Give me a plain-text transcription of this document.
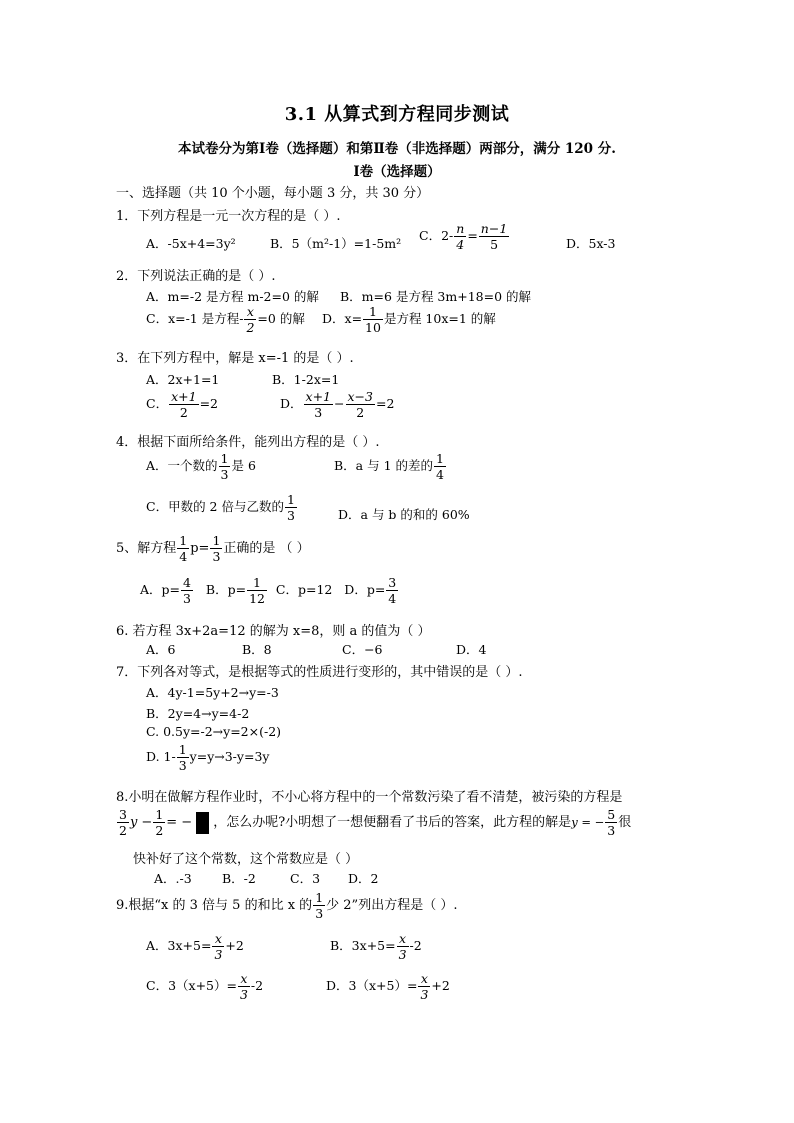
3.1 从算式到方程同步测试
本试卷分为第Ⅰ卷（选择题）和第Ⅱ卷（非选择题）两部分，满分 120 分.
Ⅰ卷（选择题）
一、选择题（共 10 个小题，每小题 3 分，共 30 分）
1．下列方程是一元一次方程的是（ ）.
A．-5x+4=3y²	B．5（m²-1）=1-5m²
C．$2- \frac{n}{4} = \frac{n-1}{5}$	D．5x-3
2．下列说法正确的是（ ）.
A．m=-2 是方程 m-2=0 的解 B．m=6 是方程 3m+18=0 的解
C．x=-1 是方程- $\frac{x}{2} =0$ 的解 D．$x= \frac{1}{10}$ 是方程 10x=1 的解
3．在下列方程中，解是 x=-1 的是（ ）.
A．2x+1=1	B．1-2x=1
C． $\frac{x+1}{2} =2$	D． $\frac{x+1}{3} - \frac{x-3}{2} =2$
4．根据下面所给条件，能列出方程的是（ ）.
A．一个数的 $\frac{1}{3}$ 是 6	B．a 与 1 的差的 $\frac{1}{4}$
C．甲数的 2 倍与乙数的 $\frac{1}{3}$	D．a 与 b 的和的 60%
5、解方程 $\frac{1}{4} p= \frac{1}{3}$ 正确的是 （ ）
A．$p= \frac{4}{3}$ B．$p= \frac{1}{12}$ C．p=12 D．$p= \frac{3}{4}$
6. 若方程 3x+2a=12 的解为 x=8，则 a 的值为（ ）
A．6	B．8	C．−6	D．4
7．下列各对等式，是根据等式的性质进行变形的，其中错误的是（ ）.
A．4y-1=5y+2→y=-3
B．2y=4→y=4-2
C. 0.5y=-2→y=2×(-2)
D. $1- \frac{1}{3} y=y\to 3-y=3y$
8.小明在做解方程作业时，不小心将方程中的一个常数污染了看不清楚，被污染的方程是
$\frac{3}{2}$ $y - \frac{1}{2}$ = − ，怎么办呢?小明想了一想便翻看了书后的答案，此方程的解是y = − $\frac{5}{3}$ 很
快补好了这个常数，这个常数应是（ ）
A．.-3 B．-2	C．3 D．2
9.根据“x 的 3 倍与 5 的和比 x 的 $\frac{1}{3}$ 少 2”列出方程是（ ）.
A．$3x+5= \frac{x}{3} +2$	B．$3x+5= \frac{x}{3} -2$
C．$3(x+5)= \frac{x}{3} -2$	D．$3(x+5)= \frac{x}{3} +2$
